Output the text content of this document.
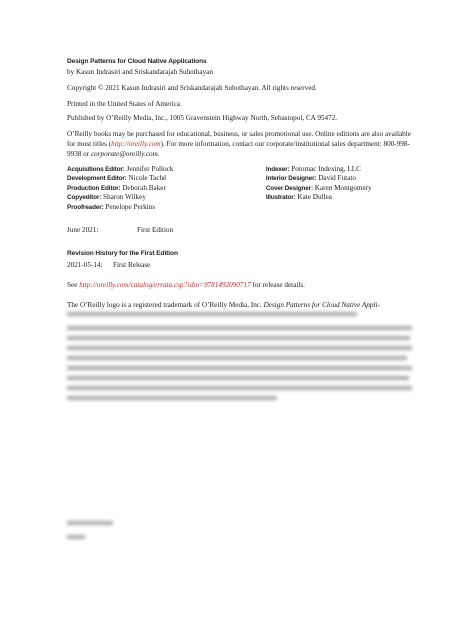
Design Patterns for Cloud Native Applications
by Kasun Indrasiri and Sriskandarajah Suhothayan
Copyright © 2021 Kasun Indrasiri and Sriskandarajah Suhothayan. All rights reserved.
Printed in the United States of America.
Published by O’Reilly Media, Inc., 1005 Gravenstein Highway North, Sebastopol, CA 95472.
O’Reilly books may be purchased for educational, business, or sales promotional use. Online editions are also available for most titles (http://oreilly.com). For more information, contact our corporate/institutional sales department: 800-998-9938 or corporate@oreilly.com.
Acquisitions Editor: Jennifer Pollock
Development Editor: Nicole Taché
Production Editor: Deborah Baker
Copyeditor: Sharon Wilkey
Proofreader: Penelope Perkins
Indexer: Potomac Indexing, LLC
Interior Designer: David Futato
Cover Designer: Karen Montgomery
Illustrator: Kate Dullea
June 2021:	First Edition
Revision History for the First Edition
2021-05-14: First Release
See http://oreilly.com/catalog/errata.csp?isbn=9781492090717 for release details.
The O’Reilly logo is a registered trademark of O’Reilly Media, Inc. Design Patterns for Cloud Native Appli-
